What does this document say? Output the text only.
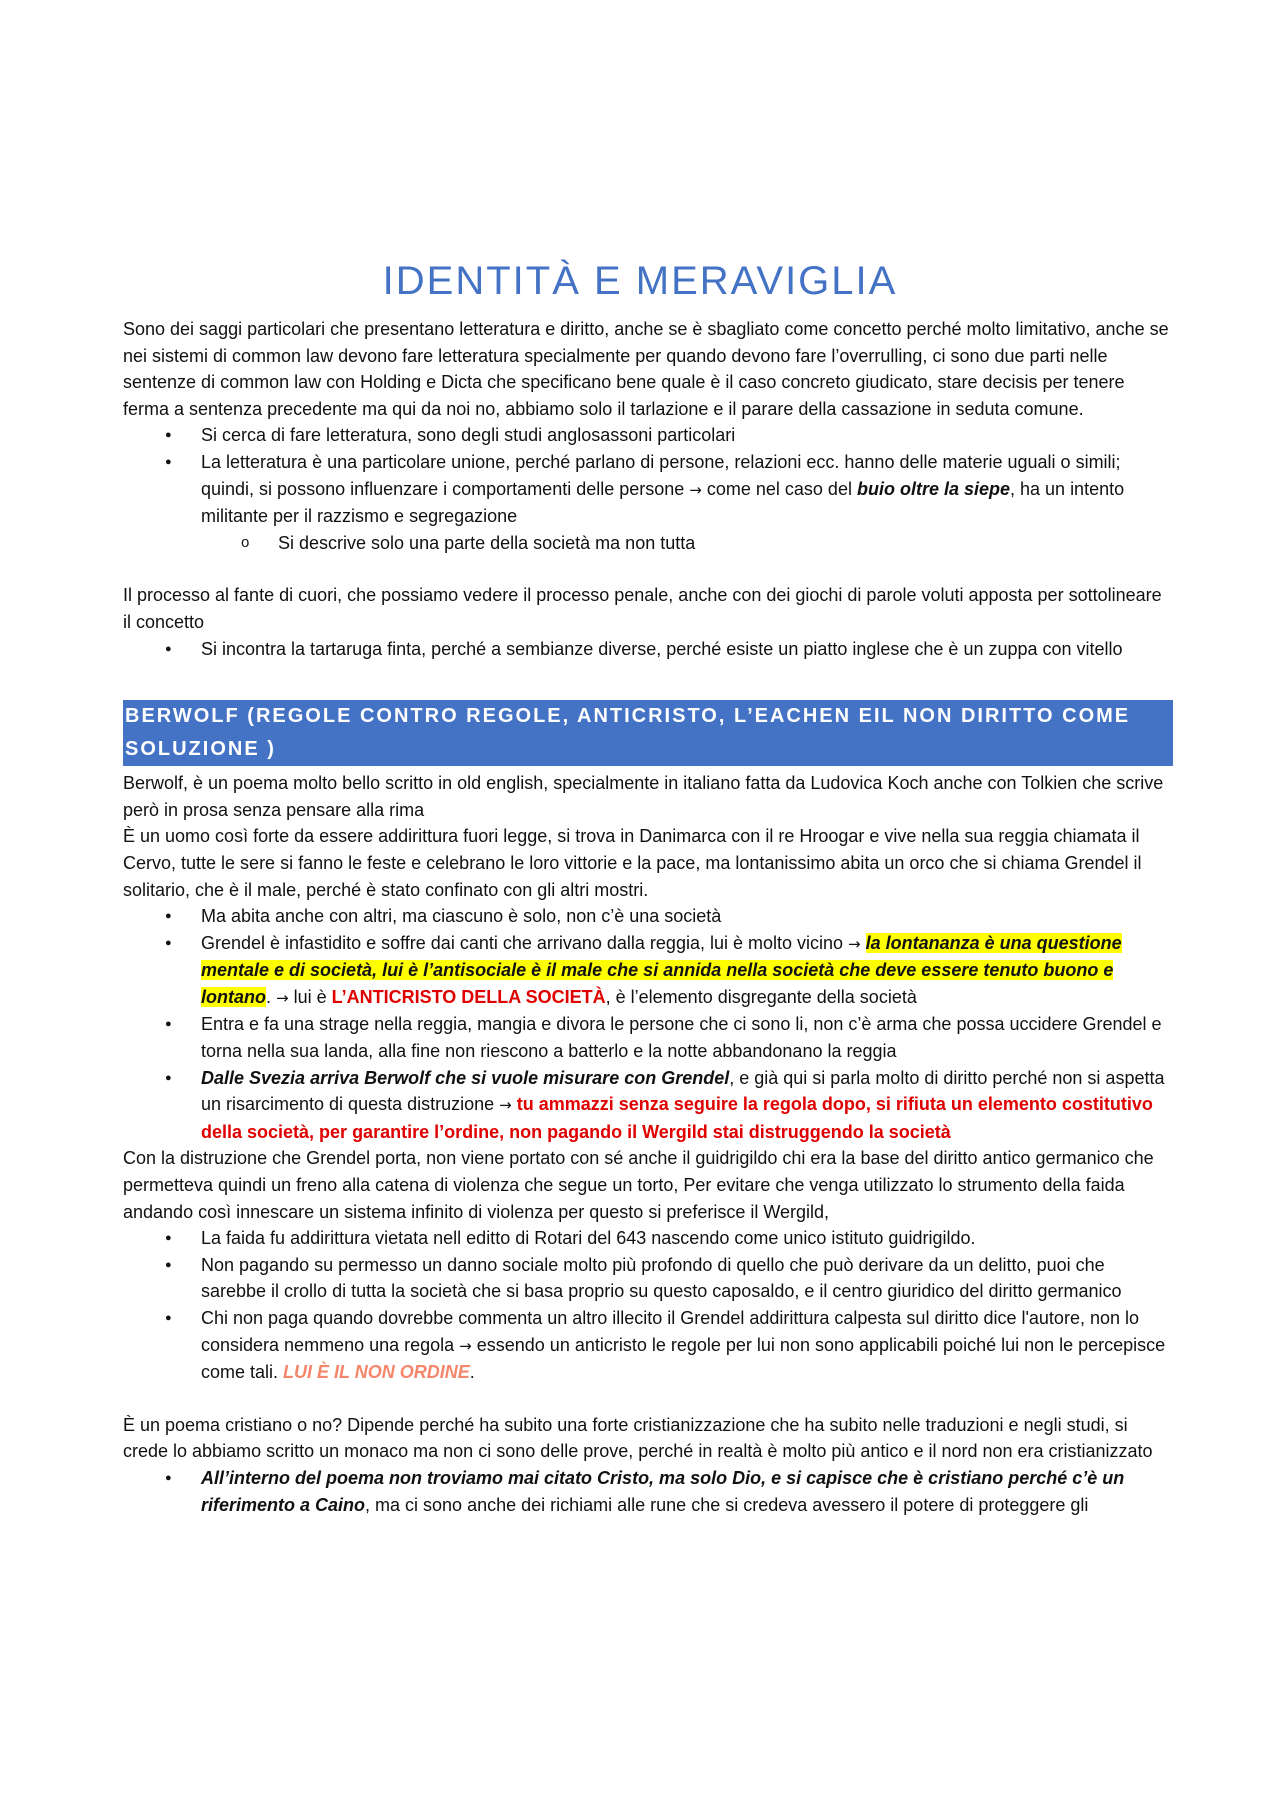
IDENTITÀ E MERAVIGLIA

Sono dei saggi particolari che presentano letteratura e diritto, anche se è sbagliato come concetto perché molto limitativo, anche se nei sistemi di common law devono fare letteratura specialmente per quando devono fare l’overrulling, ci sono due parti nelle sentenze di common law con Holding e Dicta che specificano bene quale è il caso concreto giudicato, stare decisis per tenere ferma a sentenza precedente ma qui da noi no, abbiamo solo il tarlazione e il parare della cassazione in seduta comune.

● Si cerca di fare letteratura, sono degli studi anglosassoni particolari
● La letteratura è una particolare unione, perché parlano di persone, relazioni ecc. hanno delle materie uguali o simili; quindi, si possono influenzare i comportamenti delle persone → come nel caso del buio oltre la siepe, ha un intento militante per il razzismo e segregazione
o Si descrive solo una parte della società ma non tutta

Il processo al fante di cuori, che possiamo vedere il processo penale, anche con dei giochi di parole voluti apposta per sottolineare il concetto

● Si incontra la tartaruga finta, perché a sembianze diverse, perché esiste un piatto inglese che è un zuppa con vitello
BERWOLF (REGOLE CONTRO REGOLE, ANTICRISTO, L’EACHEN EIL NON DIRITTO COME SOLUZIONE )

Berwolf, è un poema molto bello scritto in old english, specialmente in italiano fatta da Ludovica Koch anche con Tolkien che scrive però in prosa senza pensare alla rima

È un uomo così forte da essere addirittura fuori legge, si trova in Danimarca con il re Hroogar e vive nella sua reggia chiamata il Cervo, tutte le sere si fanno le feste e celebrano le loro vittorie e la pace, ma lontanissimo abita un orco che si chiama Grendel il solitario, che è il male, perché è stato confinato con gli altri mostri.

● Ma abita anche con altri, ma ciascuno è solo, non c’è una società
● Grendel è infastidito e soffre dai canti che arrivano dalla reggia, lui è molto vicino → la lontananza è una questione mentale e di società, lui è l’antisociale è il male che si annida nella società che deve essere tenuto buono e lontano. → lui è L’ANTICRISTO DELLA SOCIETÀ, è l’elemento disgregante della società
● Entra e fa una strage nella reggia, mangia e divora le persone che ci sono li, non c’è arma che possa uccidere Grendel e torna nella sua landa, alla fine non riescono a batterlo e la notte abbandonano la reggia
● Dalle Svezia arriva Berwolf che si vuole misurare con Grendel, e già qui si parla molto di diritto perché non si aspetta un risarcimento di questa distruzione → tu ammazzi senza seguire la regola dopo, si rifiuta un elemento costitutivo della società, per garantire l’ordine, non pagando il Wergild stai distruggendo la società

Con la distruzione che Grendel porta, non viene portato con sé anche il guidrigildo chi era la base del diritto antico germanico che permetteva quindi un freno alla catena di violenza che segue un torto, Per evitare che venga utilizzato lo strumento della faida andando così innescare un sistema infinito di violenza per questo si preferisce il Wergild,

● La faida fu addirittura vietata nell editto di Rotari del 643 nascendo come unico istituto guidrigildo.
● Non pagando su permesso un danno sociale molto più profondo di quello che può derivare da un delitto, puoi che sarebbe il crollo di tutta la società che si basa proprio su questo caposaldo, e il centro giuridico del diritto germanico
● Chi non paga quando dovrebbe commenta un altro illecito il Grendel addirittura calpesta sul diritto dice l'autore, non lo considera nemmeno una regola → essendo un anticristo le regole per lui non sono applicabili poiché lui non le percepisce come tali. LUI È IL NON ORDINE.

È un poema cristiano o no? Dipende perché ha subito una forte cristianizzazione che ha subito nelle traduzioni e negli studi, si crede lo abbiamo scritto un monaco ma non ci sono delle prove, perché in realtà è molto più antico e il nord non era cristianizzato

● All’interno del poema non troviamo mai citato Cristo, ma solo Dio, e si capisce che è cristiano perché c’è un riferimento a Caino, ma ci sono anche dei richiami alle rune che si credeva avessero il potere di proteggere gli
